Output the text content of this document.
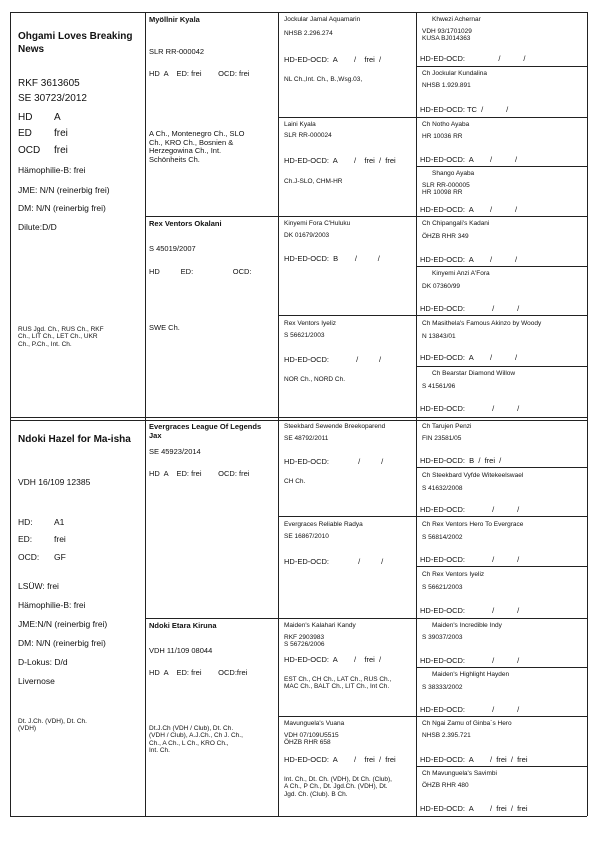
Ohgami Loves Breaking News
RKF 3613605
SE 30723/2012
HD A
ED frei
OCD frei
Hämophilie-B: frei
JME: N/N (reinerbig frei)
DM: N/N (reinerbig frei)
Dilute:D/D
RUS Jgd. Ch., RUS Ch., RKF
Ch., LIT Ch., LET Ch., UKR
Ch., P.Ch., Int. Ch.
Myöllnir Kyala
SLR RR-000042
HD  A    ED: frei        OCD: frei
A Ch., Montenegro Ch., SLO
Ch., KRO Ch., Bosnien &
Herzegowina Ch., Int.
Schönheits Ch.
Rex Ventors Okalani
S 45019/2007
HD          ED:                   OCD:
SWE Ch.
Jockular Jamal Aquamarin
NHSB 2.296.274
HD-ED-OCD:  A        /    frei  /
NL Ch.,Int. Ch., B.,Wsg.03,
Laini Kyala
SLR RR-000024
HD-ED-OCD:  A        /    frei  /  frei
Ch.J-SLO, CHM-HR
Kinyemi Fora C'Huluku
DK 01679/2003
HD-ED-OCD:  B        /          /
Rex Ventors Iyeliz
S 56621/2003
HD-ED-OCD:             /          /
NOR Ch., NORD Ch.
Khwezi Achernar
VDH 93/1701029
KUSA BJ014363
HD-ED-OCD:                /           /
Ch Jockular Kundalina
NHSB 1.929.891
HD-ED-OCD: TC  /           /
Ch Notho Ayaba
HR 10036 RR
HD-ED-OCD:  A        /           /
Shango Ayaba
SLR RR-000005
HR 10098 RR
HD-ED-OCD:  A        /           /
Ch Chipangali's Kadani
ÖHZB RHR 349
HD-ED-OCD:  A        /           /
Kinyemi Anzi A'Fora
DK 07360/99
HD-ED-OCD:             /           /
Ch Masithela's Famous Akinzo by Woody
N 13843/01
HD-ED-OCD:  A        /           /
Ch Bearstar Diamond Willow
S 41561/96
HD-ED-OCD:             /           /
Ndoki Hazel for Ma-isha
VDH 16/109 12385
HD:	A1
ED:	frei
OCD: GF
LSÜW: frei
Hämophilie-B: frei
JME:N/N (reinerbig frei)
DM: N/N (reinerbig frei)
D-Lokus: D/d
Livernose
Dt. J.Ch. (VDH), Dt. Ch.
(VDH)
Evergraces League Of Legends
Jax
SE 45923/2014
HD  A    ED: frei        OCD: frei
Ndoki Etara Kiruna
VDH 11/109 08044
HD  A    ED: frei        OCD:frei
Dt.J.Ch (VDH / Club), Dt. Ch.
(VDH / Club), A.J.Ch., Ch J. Ch.,
Ch., A Ch., L Ch., KRO Ch.,
Int. Ch.
Steekbard Sewende Breekoparend
SE 48792/2011
HD-ED-OCD:              /          /
CH Ch.
Evergraces Reliable Radya
SE 16867/2010
HD-ED-OCD:              /          /
Maiden's Kalahari Kandy
RKF 2903983
S 56726/2006
HD-ED-OCD:  A        /    frei  /
EST Ch., CH Ch., LAT Ch., RUS Ch.,
MAC Ch., BALT Ch., LIT Ch., Int Ch.
Mavunguela's Vuana
VDH 07/109U5515
ÖHZB RHR 658
HD-ED-OCD:  A        /    frei  /  frei
Int. Ch., Dt. Ch. (VDH), Dt Ch. (Club),
A Ch., P Ch., Dt. Jgd.Ch. (VDH), Dt.
Jgd. Ch. (Club). B Ch.
Ch Tarujen Penzi
FIN 23581/05
HD-ED-OCD:  B  /  frei  /
Ch Steekbard Vyfde Witekeelswael
S 41632/2008
HD-ED-OCD:             /           /
Ch Rex Ventors Hero To Evergrace
S 56814/2002
HD-ED-OCD:             /           /
Ch Rex Ventors Iyeliz
S 56621/2003
HD-ED-OCD:             /           /
Maiden's Incredible Indy
S 39037/2003
HD-ED-OCD:             /           /
Maiden's Highlight Hayden
S 38333/2002
HD-ED-OCD:             /           /
Ch Ngai Zamu of Ginba´s Hero
NHSB 2.395.721
HD-ED-OCD:  A        /  frei  /  frei
Ch Mavunguela's Savimbi
ÖHZB RHR 480
HD-ED-OCD:  A        /  frei  /  frei
